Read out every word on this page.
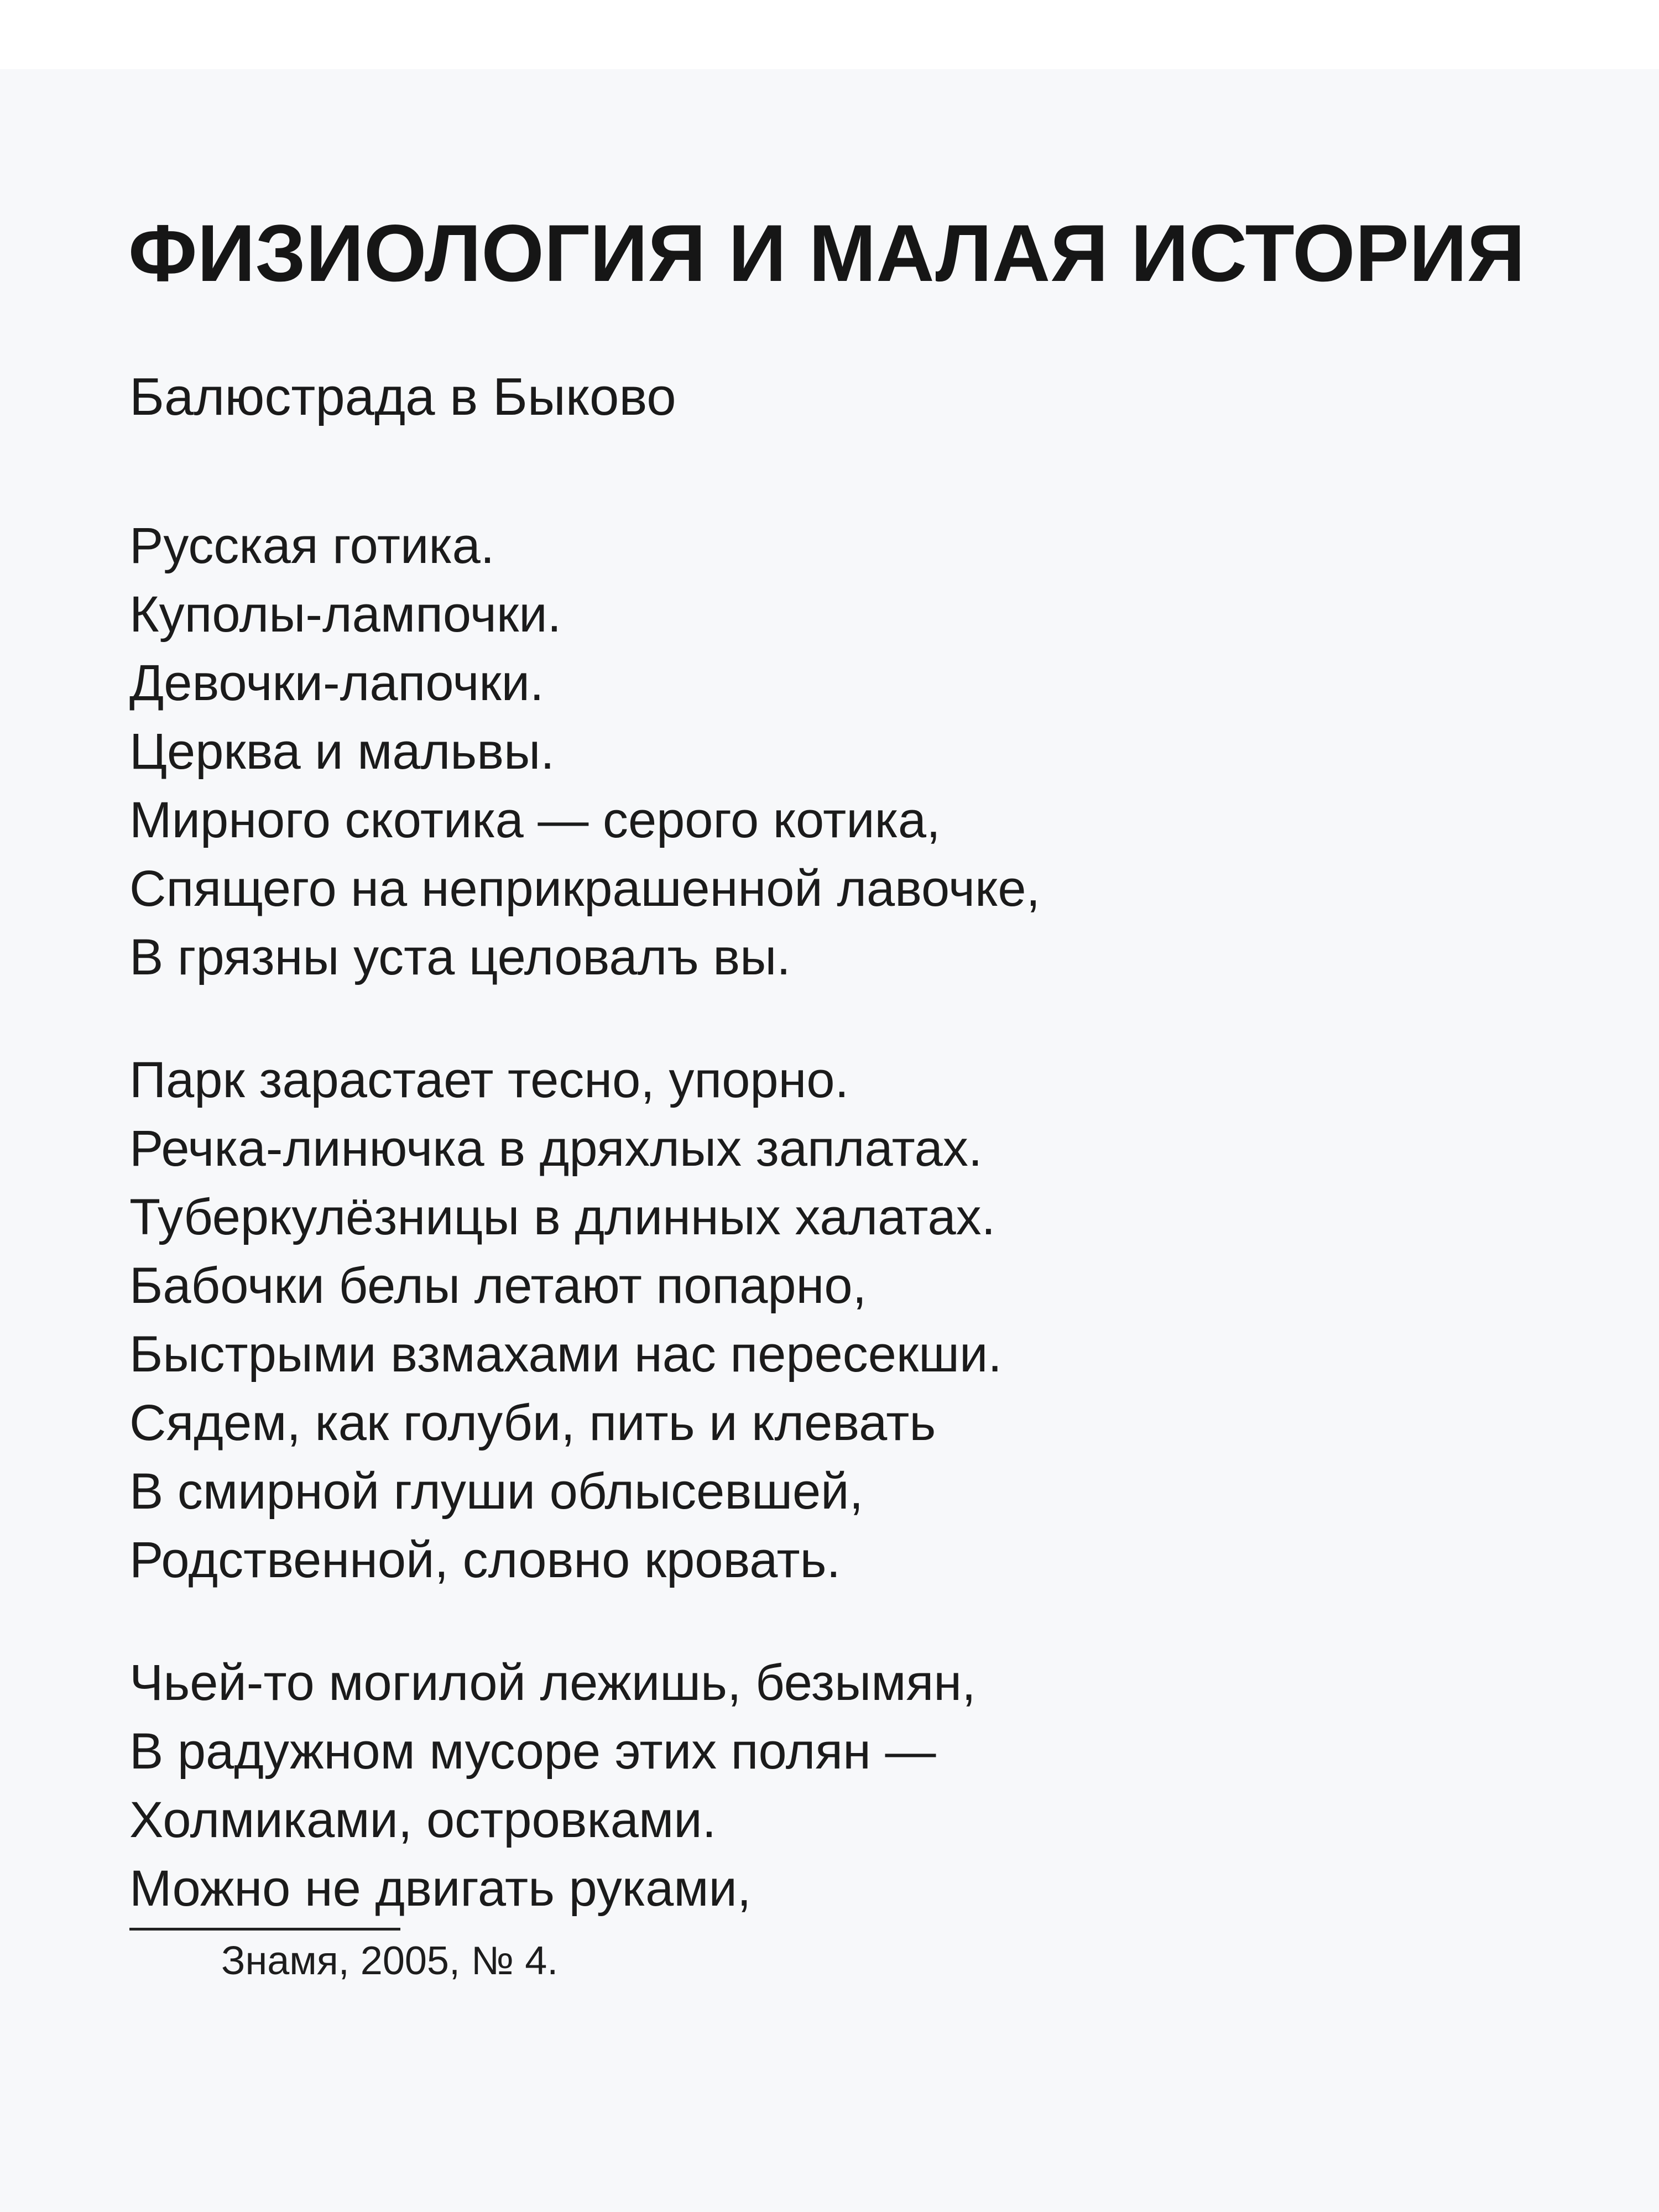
ФИЗИОЛОГИЯ И МАЛАЯ ИСТОРИЯ
Балюстрада в Быково
Русская готика.
Куполы-лампочки.
Девочки-лапочки.
Церква и мальвы.
Мирного скотика — серого котика,
Спящего на неприкрашенной лавочке,
В грязны уста целовалъ вы.
Парк зарастает тесно, упорно.
Речка-линючка в дряхлых заплатах.
Туберкулёзницы в длинных халатах.
Бабочки белы летают попарно,
Быстрыми взмахами нас пересекши.
Сядем, как голуби, пить и клевать
В смирной глуши облысевшей,
Родственной, словно кровать.
Чьей-то могилой лежишь, безымян,
В радужном мусоре этих полян —
Холмиками, островками.
Можно не двигать руками,
Знамя, 2005, № 4.
